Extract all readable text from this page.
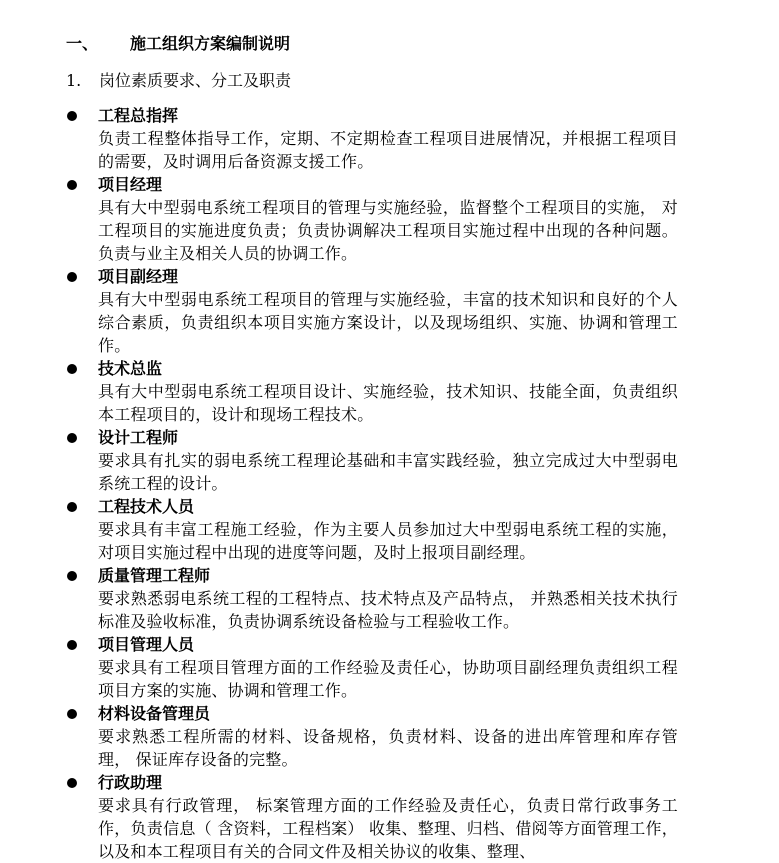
一、 施工组织方案编制说明
1. 岗位素质要求、分工及职责
工程总指挥
负责工程整体指导工作，定期、不定期检查工程项目进展情况，并根据工程项目的需要，及时调用后备资源支援工作。
项目经理
具有大中型弱电系统工程项目的管理与实施经验，监督整个工程项目的实施， 对工程项目的实施进度负责；负责协调解决工程项目实施过程中出现的各种问题。负责与业主及相关人员的协调工作。
项目副经理
具有大中型弱电系统工程项目的管理与实施经验，丰富的技术知识和良好的个人综合素质，负责组织本项目实施方案设计，以及现场组织、实施、协调和管理工作。
技术总监
具有大中型弱电系统工程项目设计、实施经验，技术知识、技能全面，负责组织本工程项目的，设计和现场工程技术。
设计工程师
要求具有扎实的弱电系统工程理论基础和丰富实践经验，独立完成过大中型弱电系统工程的设计。
工程技术人员
要求具有丰富工程施工经验，作为主要人员参加过大中型弱电系统工程的实施，对项目实施过程中出现的进度等问题，及时上报项目副经理。
质量管理工程师
要求熟悉弱电系统工程的工程特点、技术特点及产品特点， 并熟悉相关技术执行标准及验收标准，负责协调系统设备检验与工程验收工作。
项目管理人员
要求具有工程项目管理方面的工作经验及责任心，协助项目副经理负责组织工程项目方案的实施、协调和管理工作。
材料设备管理员
要求熟悉工程所需的材料、设备规格，负责材料、设备的进出库管理和库存管理， 保证库存设备的完整。
行政助理
要求具有行政管理， 标案管理方面的工作经验及责任心，负责日常行政事务工作，负责信息（ 含资料，工程档案） 收集、整理、归档、借阅等方面管理工作， 以及和本工程项目有关的合同文件及相关协议的收集、整理、
